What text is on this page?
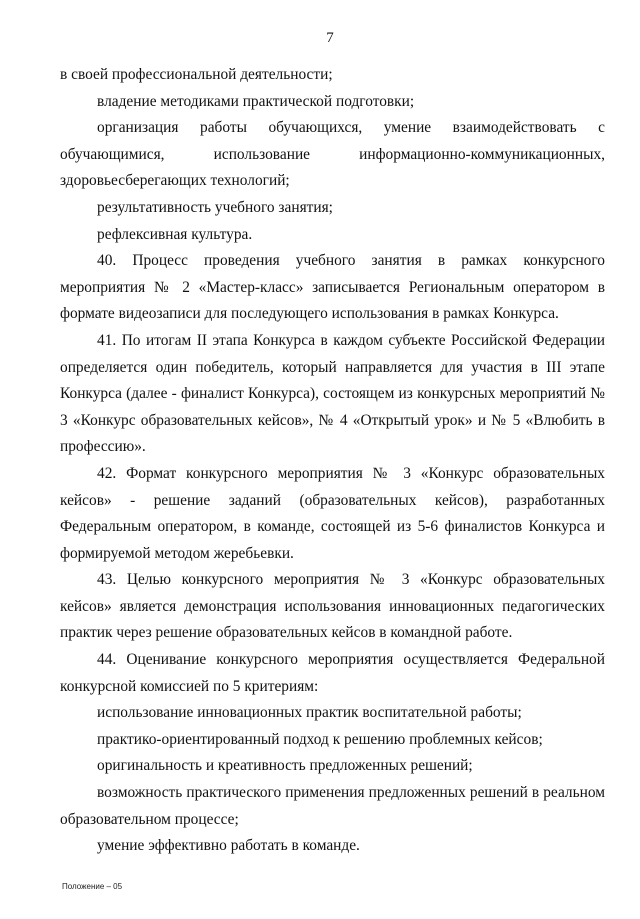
7

в своей профессиональной деятельности;

владение методиками практической подготовки;

организация работы обучающихся, умение взаимодействовать с обучающимися, использование информационно-коммуникационных, здоровьесберегающих технологий;

результативность учебного занятия;

рефлексивная культура.

40. Процесс проведения учебного занятия в рамках конкурсного мероприятия № 2 «Мастер-класс» записывается Региональным оператором в формате видеозаписи для последующего использования в рамках Конкурса.

41. По итогам II этапа Конкурса в каждом субъекте Российской Федерации определяется один победитель, который направляется для участия в III этапе Конкурса (далее - финалист Конкурса), состоящем из конкурсных мероприятий № 3 «Конкурс образовательных кейсов», № 4 «Открытый урок» и № 5 «Влюбить в профессию».

42. Формат конкурсного мероприятия № 3 «Конкурс образовательных кейсов» - решение заданий (образовательных кейсов), разработанных Федеральным оператором, в команде, состоящей из 5-6 финалистов Конкурса и формируемой методом жеребьевки.

43. Целью конкурсного мероприятия № 3 «Конкурс образовательных кейсов» является демонстрация использования инновационных педагогических практик через решение образовательных кейсов в командной работе.

44. Оценивание конкурсного мероприятия осуществляется Федеральной конкурсной комиссией по 5 критериям:

использование инновационных практик воспитательной работы;

практико-ориентированный подход к решению проблемных кейсов;

оригинальность и креативность предложенных решений;

возможность практического применения предложенных решений в реальном образовательном процессе;

умение эффективно работать в команде.

Положение – 05
